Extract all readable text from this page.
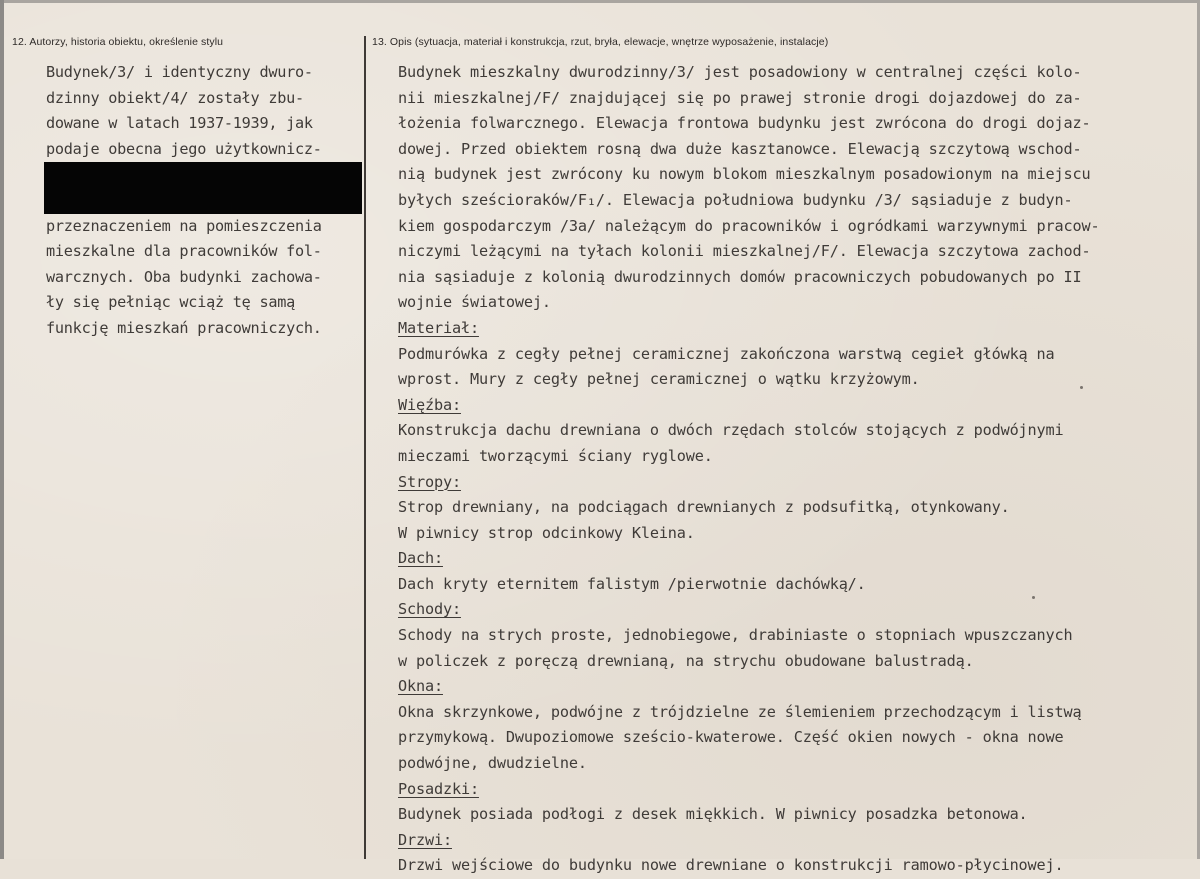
12. Autorzy, historia obiektu, określenie stylu	13. Opis (sytuacja, materiał i konstrukcja, rzut, bryła, elewacje, wnętrze wyposażenie, instalacje)
Budynek/3/ i identyczny dwuro-
dzinny obiekt/4/ zostały zbu-
dowane w latach 1937-1939, jak
podaje obecna jego użytkownicz-
przeznaczeniem na pomieszczenia
mieszkalne dla pracowników fol-
warcznych. Oba budynki zachowa-
ły się pełniąc wciąż tę samą
funkcję mieszkań pracowniczych.
Budynek mieszkalny dwurodzinny/3/ jest posadowiony w centralnej części kolo-
nii mieszkalnej/F/ znajdującej się po prawej stronie drogi dojazdowej do za-
łożenia folwarcznego. Elewacja frontowa budynku jest zwrócona do drogi dojaz-
dowej. Przed obiektem rosną dwa duże kasztanowce. Elewacją szczytową wschod-
nią budynek jest zwrócony ku nowym blokom mieszkalnym posadowionym na miejscu
byłych sześcioraków/F₁/. Elewacja południowa budynku /3/ sąsiaduje z budyn-
kiem gospodarczym /3a/ należącym do pracowników i ogródkami warzywnymi pracow-
niczymi leżącymi na tyłach kolonii mieszkalnej/F/. Elewacja szczytowa zachod-
nia sąsiaduje z kolonią dwurodzinnych domów pracowniczych pobudowanych po II
wojnie światowej.
Materiał:
Podmurówka z cegły pełnej ceramicznej zakończona warstwą cegieł główką na
wprost. Mury z cegły pełnej ceramicznej o wątku krzyżowym.
Więźba:
Konstrukcja dachu drewniana o dwóch rzędach stolców stojących z podwójnymi
mieczami tworzącymi ściany ryglowe.
Stropy:
Strop drewniany, na podciągach drewnianych z podsufitką, otynkowany.
W piwnicy strop odcinkowy Kleina.
Dach:
Dach kryty eternitem falistym /pierwotnie dachówką/.
Schody:
Schody na strych proste, jednobiegowe, drabiniaste o stopniach wpuszczanych
w policzek z poręczą drewnianą, na strychu obudowane balustradą.
Okna:
Okna skrzynkowe, podwójne z trójdzielne ze ślemieniem przechodzącym i listwą
przymykową. Dwupoziomowe sześcio-kwaterowe. Część okien nowych - okna nowe
podwójne, dwudzielne.
Posadzki:
Budynek posiada podłogi z desek miękkich. W piwnicy posadzka betonowa.
Drzwi:
Drzwi wejściowe do budynku nowe drewniane o konstrukcji ramowo-płycinowej.
